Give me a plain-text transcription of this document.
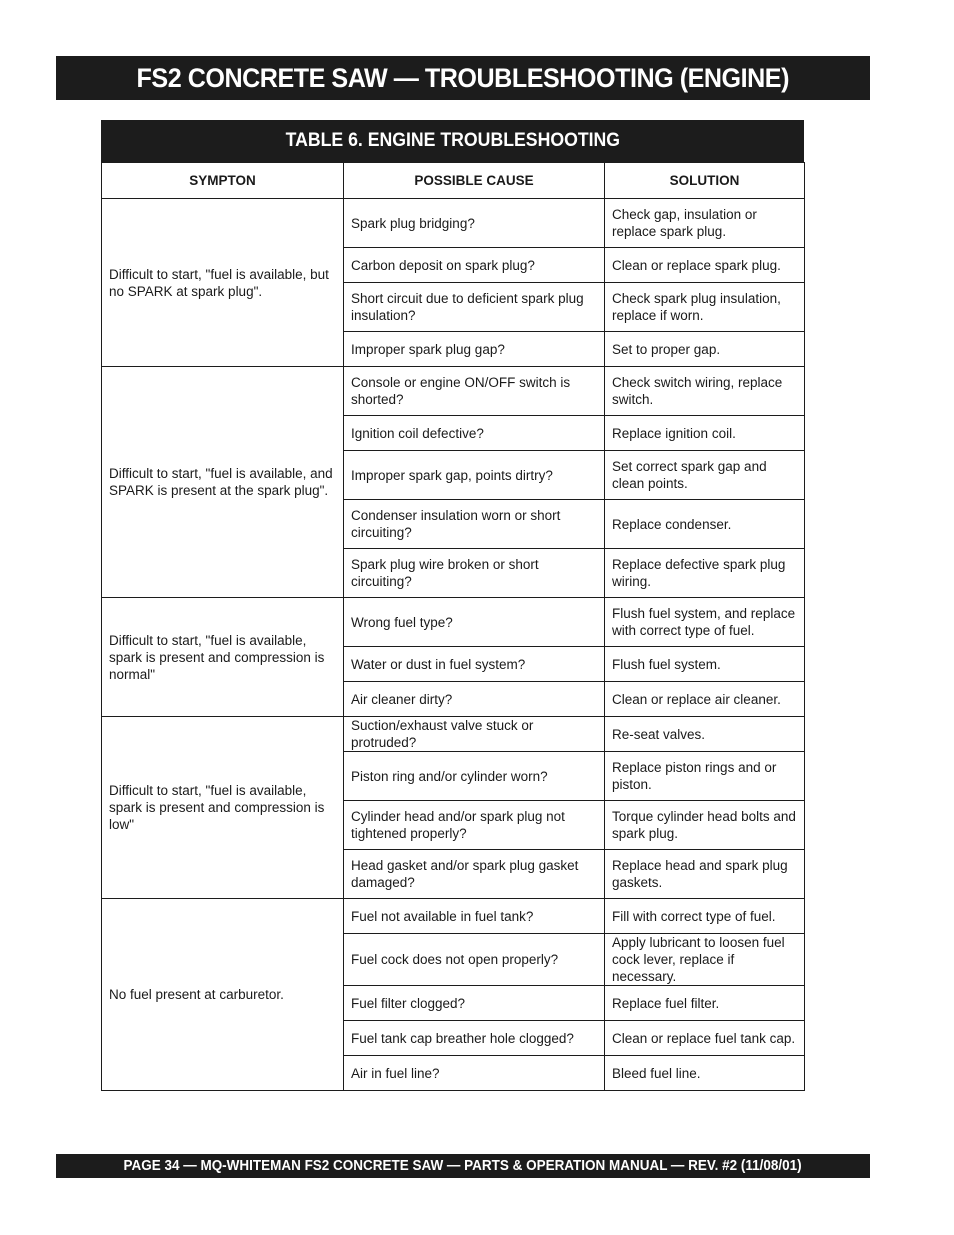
FS2 CONCRETE SAW — TROUBLESHOOTING (ENGINE)
TABLE 6. ENGINE TROUBLESHOOTING
SYMPTON	POSSIBLE CAUSE	SOLUTION
Difficult to start, "fuel is available, but no SPARK at spark plug".	Spark plug bridging?	Check gap, insulation or replace spark plug.
	Carbon deposit on spark plug?	Clean or replace spark plug.
	Short circuit due to deficient spark plug insulation?	Check spark plug insulation, replace if worn.
	Improper spark plug gap?	Set to proper gap.
Difficult to start, "fuel is available, and SPARK is present at the spark plug".	Console or engine ON/OFF switch is shorted?	Check switch wiring, replace switch.
	Ignition coil defective?	Replace ignition coil.
	Improper spark gap, points dirtry?	Set correct spark gap and clean points.
	Condenser insulation worn or short circuiting?	Replace condenser.
	Spark plug wire broken or short circuiting?	Replace defective spark plug wiring.
Difficult to start, "fuel is available, spark is present and compression is normal"	Wrong fuel type?	Flush fuel system, and replace with correct type of fuel.
	Water or dust in fuel system?	Flush fuel system.
	Air cleaner dirty?	Clean or replace air cleaner.
Difficult to start, "fuel is available, spark is present and compression is low"	Suction/exhaust valve stuck or protruded?	Re-seat valves.
	Piston ring and/or cylinder worn?	Replace piston rings and or piston.
	Cylinder head and/or spark plug not tightened properly?	Torque cylinder head bolts and spark plug.
	Head gasket and/or spark plug gasket damaged?	Replace head and spark plug gaskets.
No fuel present at carburetor.	Fuel not available in fuel tank?	Fill with correct type of fuel.
	Fuel cock does not open properly?	Apply lubricant to loosen fuel cock lever, replace if necessary.
	Fuel filter clogged?	Replace fuel filter.
	Fuel tank cap breather hole clogged?	Clean or replace fuel tank cap.
	Air in fuel line?	Bleed fuel line.
PAGE 34 — MQ-WHITEMAN FS2 CONCRETE SAW — PARTS & OPERATION MANUAL — REV. #2 (11/08/01)
